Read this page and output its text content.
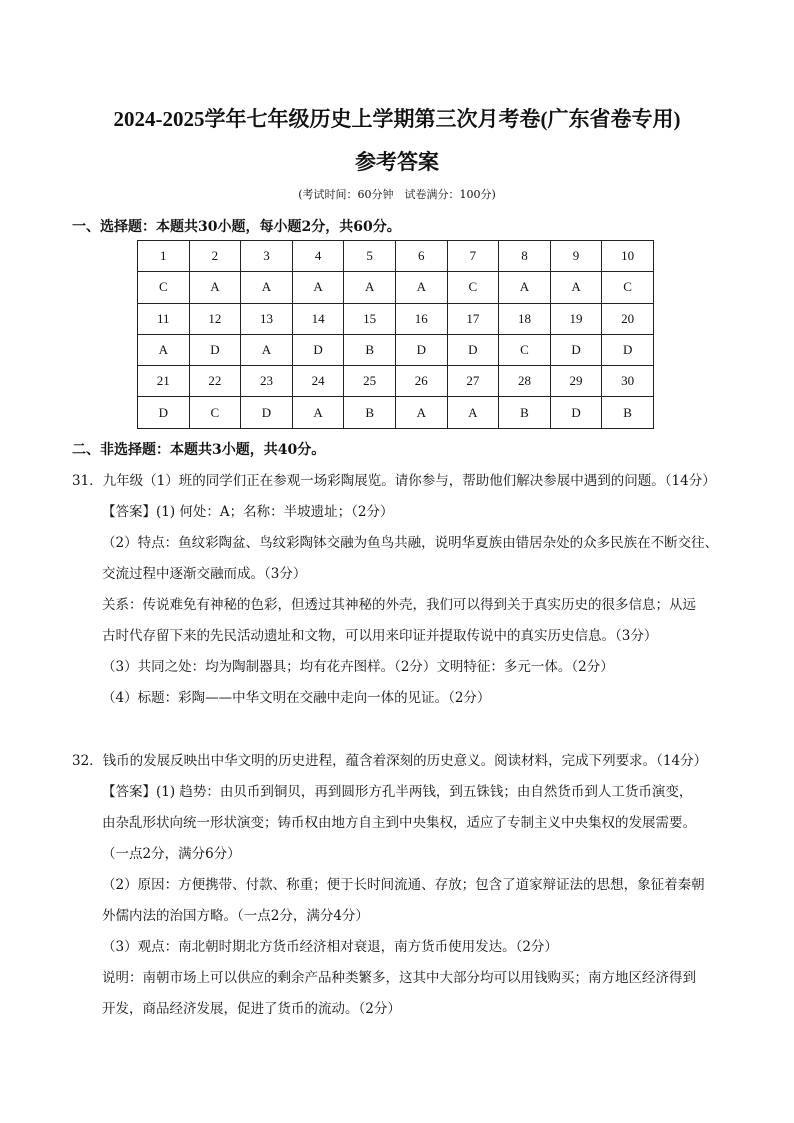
2024-2025学年七年级历史上学期第三次月考卷(广东省卷专用)
参考答案
(考试时间：60分钟　试卷满分：100分)
一、选择题：本题共30小题，每小题2分，共60分。
1	2	3	4	5	6	7	8	9	10
C	A	A	A	A	A	C	A	A	C
11	12	13	14	15	16	17	18	19	20
A	D	A	D	B	D	D	C	D	D
21	22	23	24	25	26	27	28	29	30
D	C	D	A	B	A	A	B	D	B
二、非选择题：本题共3小题，共40分。
31．九年级（1）班的同学们正在参观一场彩陶展览。请你参与，帮助他们解决参展中遇到的问题。（14分）
【答案】(1) 何处：A；名称：半坡遗址；（2分）
（2）特点：鱼纹彩陶盆、鸟纹彩陶钵交融为鱼鸟共融，说明华夏族由错居杂处的众多民族在不断交往、
交流过程中逐渐交融而成。（3分）
关系：传说难免有神秘的色彩，但透过其神秘的外壳，我们可以得到关于真实历史的很多信息；从远
古时代存留下来的先民活动遗址和文物，可以用来印证并提取传说中的真实历史信息。（3分）
（3）共同之处：均为陶制器具；均有花卉图样。（2分）文明特征：多元一体。（2分）
（4）标题：彩陶——中华文明在交融中走向一体的见证。（2分）
32．钱币的发展反映出中华文明的历史进程，蕴含着深刻的历史意义。阅读材料，完成下列要求。（14分）
【答案】(1) 趋势：由贝币到铜贝，再到圆形方孔半两钱，到五铢钱；由自然货币到人工货币演变，
由杂乱形状向统一形状演变；铸币权由地方自主到中央集权，适应了专制主义中央集权的发展需要。
（一点2分，满分6分）
（2）原因：方便携带、付款、称重；便于长时间流通、存放；包含了道家辩证法的思想，象征着秦朝
外儒内法的治国方略。（一点2分，满分4分）
（3）观点：南北朝时期北方货币经济相对衰退，南方货币使用发达。（2分）
说明：南朝市场上可以供应的剩余产品种类繁多，这其中大部分均可以用钱购买；南方地区经济得到
开发，商品经济发展，促进了货币的流动。（2分）
